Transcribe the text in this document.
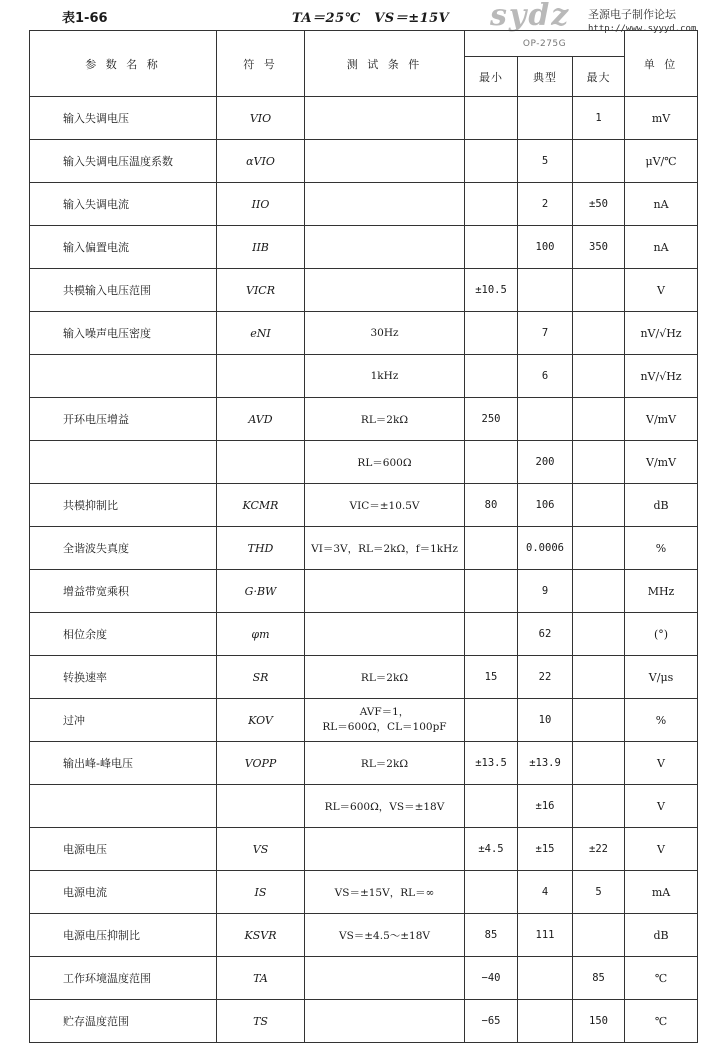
表1-66	TA＝25℃　VS＝±15V sydz 圣源电子制作论坛
http://www.syyyd.com
参 数 名 称	符 号	测 试 条 件	OP-275G			单 位
			最小	典型	最大	
输入失调电压	VIO				1	mV
输入失调电压温度系数	αVIO			5		μV/℃
输入失调电流	IIO			2	±50	nA
输入偏置电流	IIB			100	350	nA
共模输入电压范围	VICR		±10.5			V
输入噪声电压密度	eNI	30Hz		7		nV/√Hz
		1kHz		6		nV/√Hz
开环电压增益	AVD	RL＝2kΩ	250			V/mV
		RL＝600Ω		200		V/mV
共模抑制比	KCMR	VIC＝±10.5V	80	106		dB
全谐波失真度	THD	VI＝3V，RL＝2kΩ，f＝1kHz		0.0006		%
增益带宽乘积	G·BW			9		MHz
相位余度	φm			62		(°)
转换速率	SR	RL＝2kΩ	15	22		V/μs
过冲	KOV	AVF＝1，
RL＝600Ω，CL＝100pF		10		%
输出峰-峰电压	VOPP	RL＝2kΩ	±13.5	±13.9		V
		RL＝600Ω，VS＝±18V		±16		V
电源电压	VS		±4.5	±15	±22	V
电源电流	IS	VS＝±15V，RL＝∞		4	5	mA
电源电压抑制比	KSVR	VS＝±4.5～±18V	85	111		dB
工作环境温度范围	TA		−40		85	℃
贮存温度范围	TS		−65		150	℃
